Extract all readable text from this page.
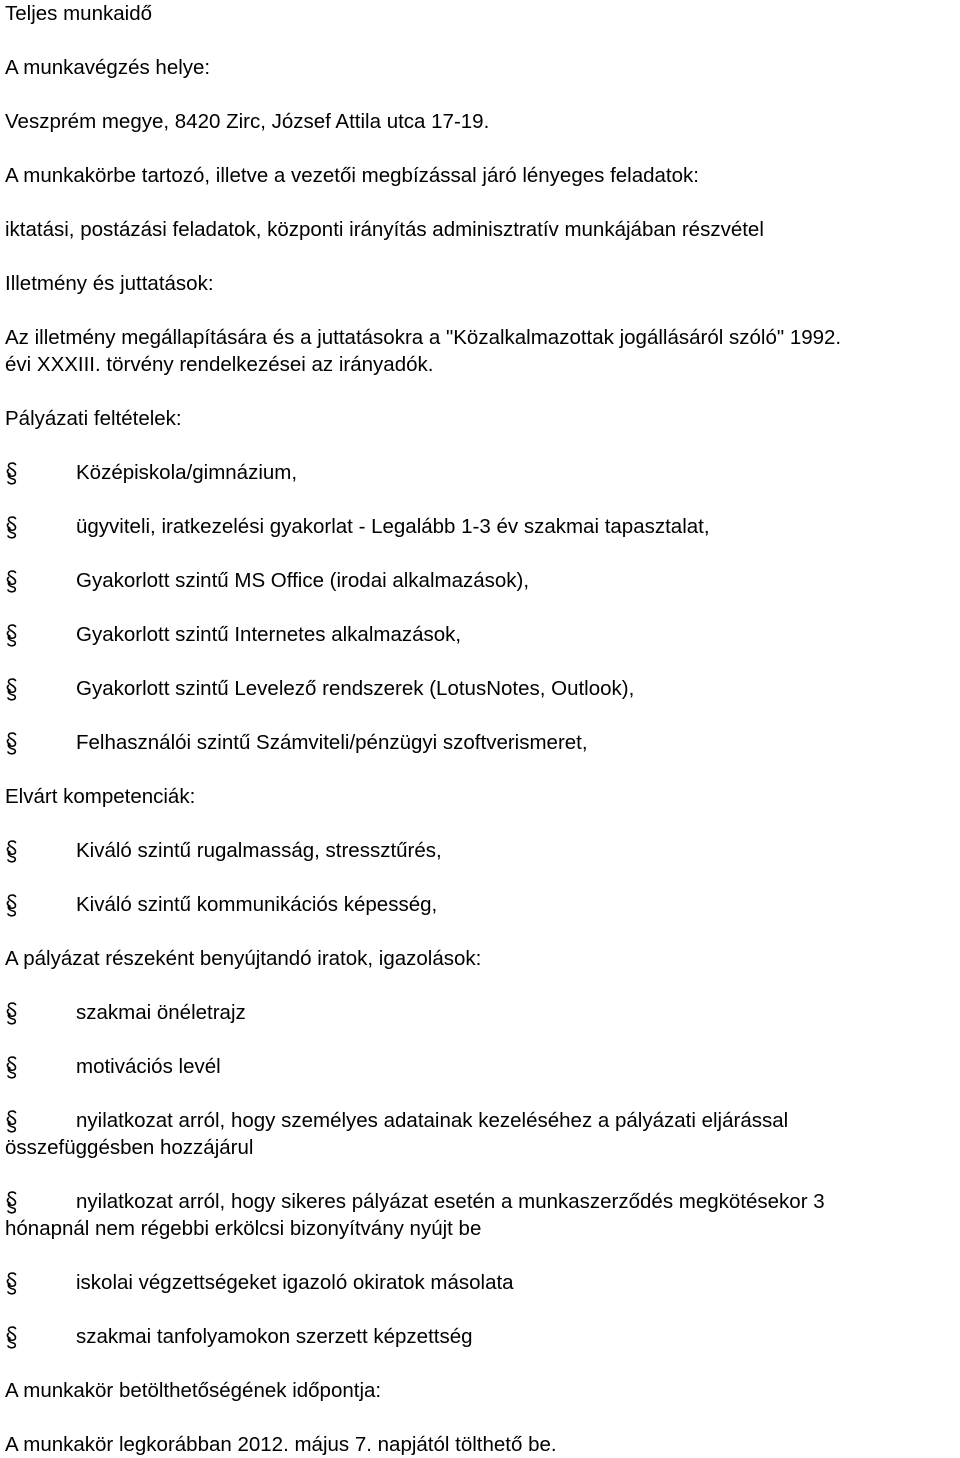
Teljes munkaidő
A munkavégzés helye:
Veszprém megye, 8420 Zirc, József Attila utca 17-19.
A munkakörbe tartozó, illetve a vezetői megbízással járó lényeges feladatok:
iktatási, postázási feladatok, központi irányítás adminisztratív munkájában részvétel
Illetmény és juttatások:
Az illetmény megállapítására és a juttatásokra a "Közalkalmazottak jogállásáról szóló" 1992.
évi XXXIII. törvény rendelkezései az irányadók.
Pályázati feltételek:
Középiskola/gimnázium,
ügyviteli, iratkezelési gyakorlat - Legalább 1-3 év szakmai tapasztalat,
Gyakorlott szintű MS Office (irodai alkalmazások),
Gyakorlott szintű Internetes alkalmazások,
Gyakorlott szintű Levelező rendszerek (LotusNotes, Outlook),
Felhasználói szintű Számviteli/pénzügyi szoftverismeret,
Elvárt kompetenciák:
Kiváló szintű rugalmasság, stressztűrés,
Kiváló szintű kommunikációs képesség,
A pályázat részeként benyújtandó iratok, igazolások:
szakmai önéletrajz
motivációs levél
nyilatkozat arról, hogy személyes adatainak kezeléséhez a pályázati eljárással
összefüggésben hozzájárul
nyilatkozat arról, hogy sikeres pályázat esetén a munkaszerződés megkötésekor 3
hónapnál nem régebbi erkölcsi bizonyítvány nyújt be
iskolai végzettségeket igazoló okiratok másolata
szakmai tanfolyamokon szerzett képzettség
A munkakör betölthetőségének időpontja:
A munkakör legkorábban 2012. május 7. napjától tölthető be.
